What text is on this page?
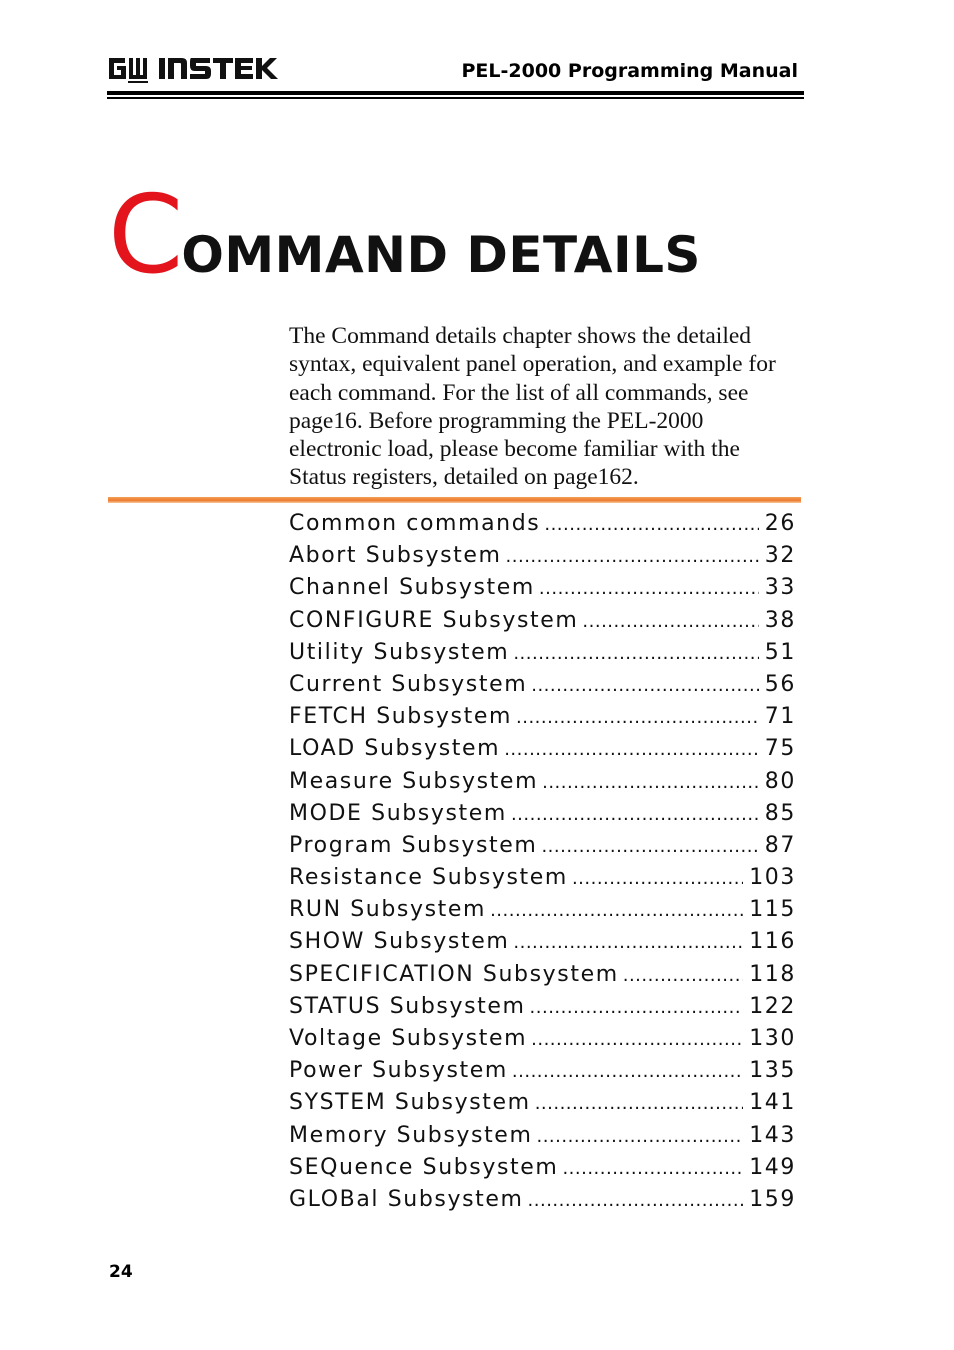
PEL-2000 Programming Manual
COMMAND DETAILS
The Command details chapter shows the detailed syntax, equivalent panel operation, and example for each command. For the list of all commands, see page16. Before programming the PEL-2000 electronic load, please become familiar with the Status registers, detailed on page162.
Common commands .....	26
Abort Subsystem .....	32
Channel Subsystem .....	33
CONFIGURE Subsystem .....	38
Utility Subsystem .....	51
Current Subsystem .....	56
FETCH Subsystem .....	71
LOAD Subsystem .....	75
Measure Subsystem .....	80
MODE Subsystem .....	85
Program Subsystem .....	87
Resistance Subsystem .....	103
RUN Subsystem .....	115
SHOW Subsystem .....	116
SPECIFICATION Subsystem .....	118
STATUS Subsystem .....	122
Voltage Subsystem .....	130
Power Subsystem .....	135
SYSTEM Subsystem .....	141
Memory Subsystem .....	143
SEQuence Subsystem .....	149
GLOBal Subsystem .....	159
24
